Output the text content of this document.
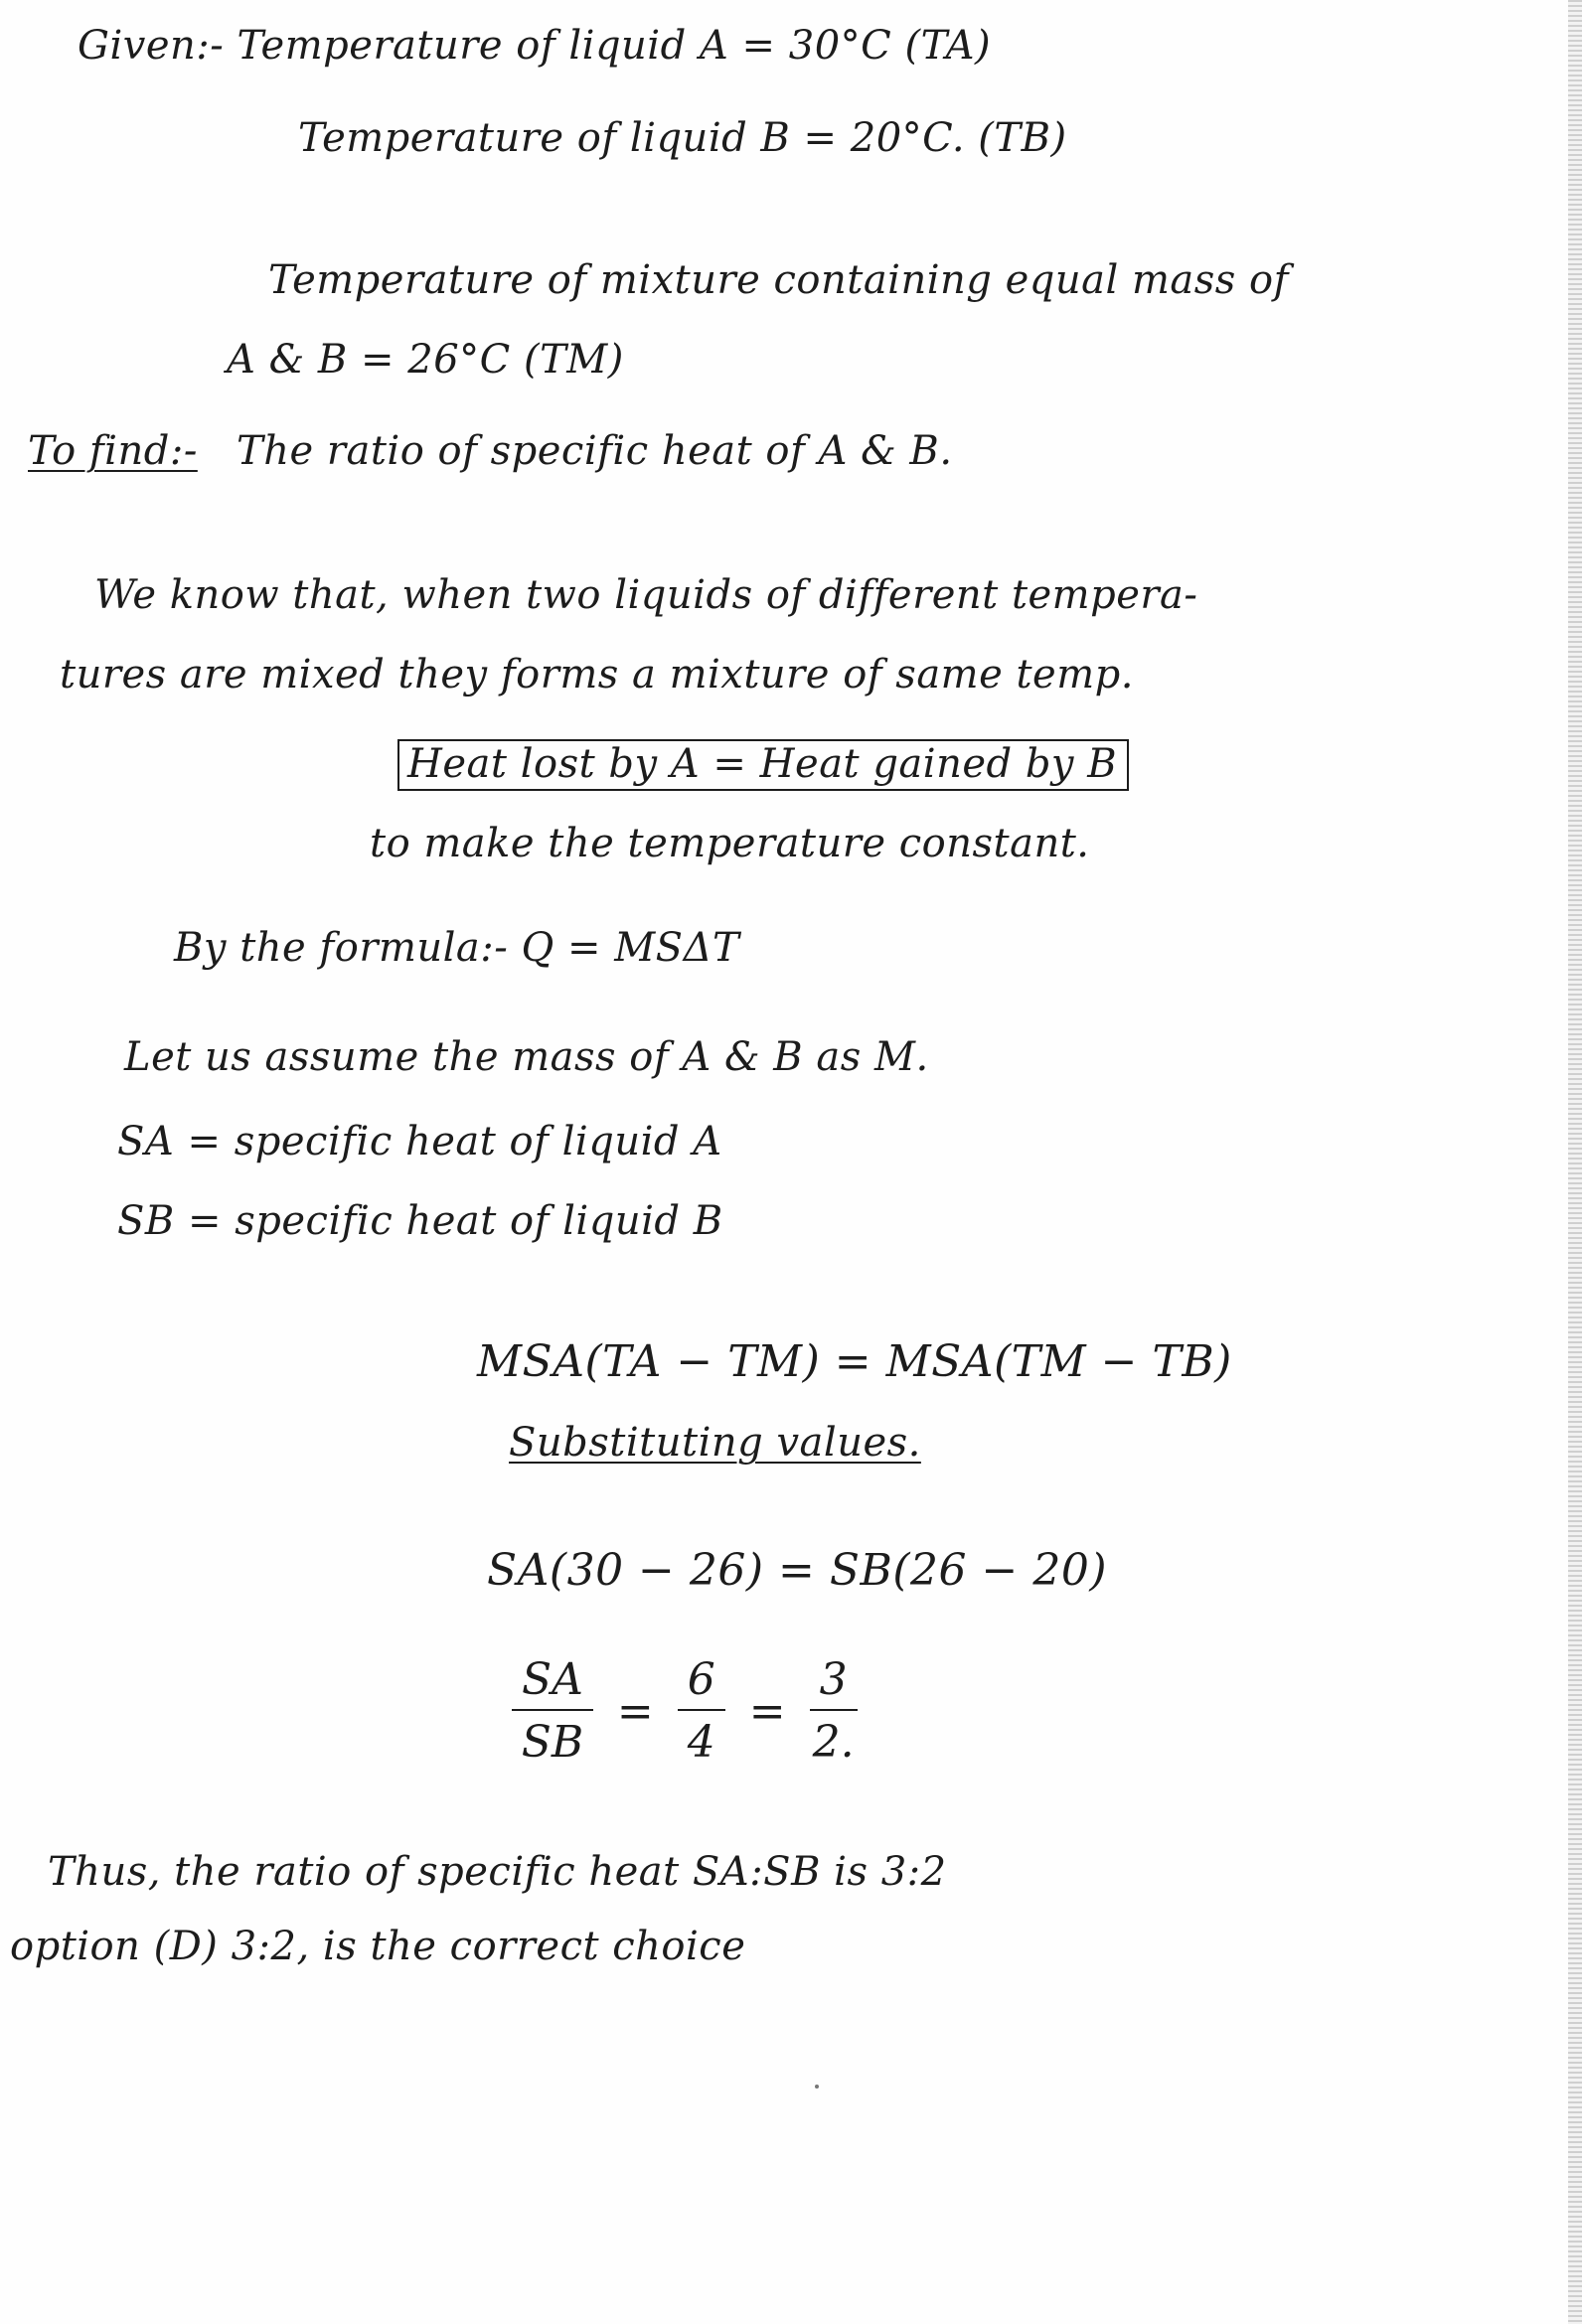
Given:- Temperature of liquid A = 30°C (TA)
Temperature of liquid B = 20°C. (TB)
Temperature of mixture containing equal mass of
A & B = 26°C (TM)
To find:- The ratio of specific heat of A & B.
We know that, when two liquids of different tempera-
tures are mixed they forms a mixture of same temp.
Heat lost by A = Heat gained by B
to make the temperature constant.
By the formula:- Q = MSΔT
Let us assume the mass of A & B as M.
SA = specific heat of liquid A
SB = specific heat of liquid B
MSA(TA − TM) = MSA(TM − TB)
Substituting values.
SA(30 − 26) = SB(26 − 20)
$\frac{SA}{SB} = \frac{6}{4} = \frac{3}{2.}$
Thus, the ratio of specific heat SA:SB is 3:2
option (D) 3:2, is the correct choice
